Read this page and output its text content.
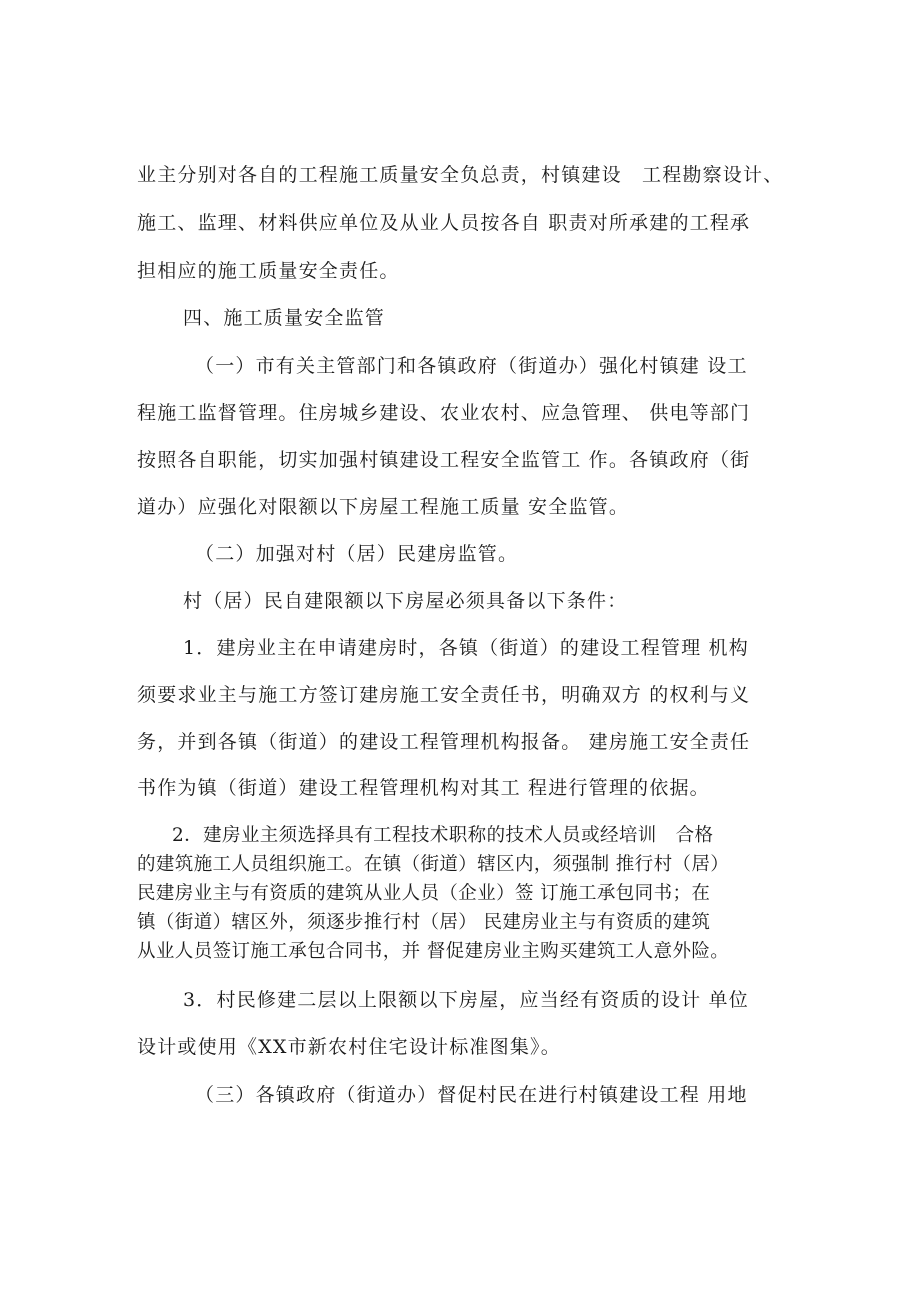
业主分别对各自的工程施工质量安全负总责，村镇建设　工程勘察设计、

施工、监理、材料供应单位及从业人员按各自 职责对所承建的工程承

担相应的施工质量安全责任。

四、施工质量安全监管

（一）市有关主管部门和各镇政府（街道办）强化村镇建 设工

程施工监督管理。住房城乡建设、农业农村、应急管理、 供电等部门

按照各自职能，切实加强村镇建设工程安全监管工 作。各镇政府（街

道办）应强化对限额以下房屋工程施工质量 安全监管。

（二）加强对村（居）民建房监管。

村（居）民自建限额以下房屋必须具备以下条件：

1．建房业主在申请建房时，各镇（街道）的建设工程管理 机构

须要求业主与施工方签订建房施工安全责任书，明确双方 的权利与义

务，并到各镇（街道）的建设工程管理机构报备。 建房施工安全责任

书作为镇（街道）建设工程管理机构对其工 程进行管理的依据。

2．建房业主须选择具有工程技术职称的技术人员或经培训　合格

的建筑施工人员组织施工。在镇（街道）辖区内，须强制 推行村（居）

民建房业主与有资质的建筑从业人员（企业）签 订施工承包同书；在

镇（街道）辖区外，须逐步推行村（居） 民建房业主与有资质的建筑

从业人员签订施工承包合同书，并 督促建房业主购买建筑工人意外险。

3．村民修建二层以上限额以下房屋，应当经有资质的设计 单位

设计或使用《XX市新农村住宅设计标准图集》。

（三）各镇政府（街道办）督促村民在进行村镇建设工程 用地
